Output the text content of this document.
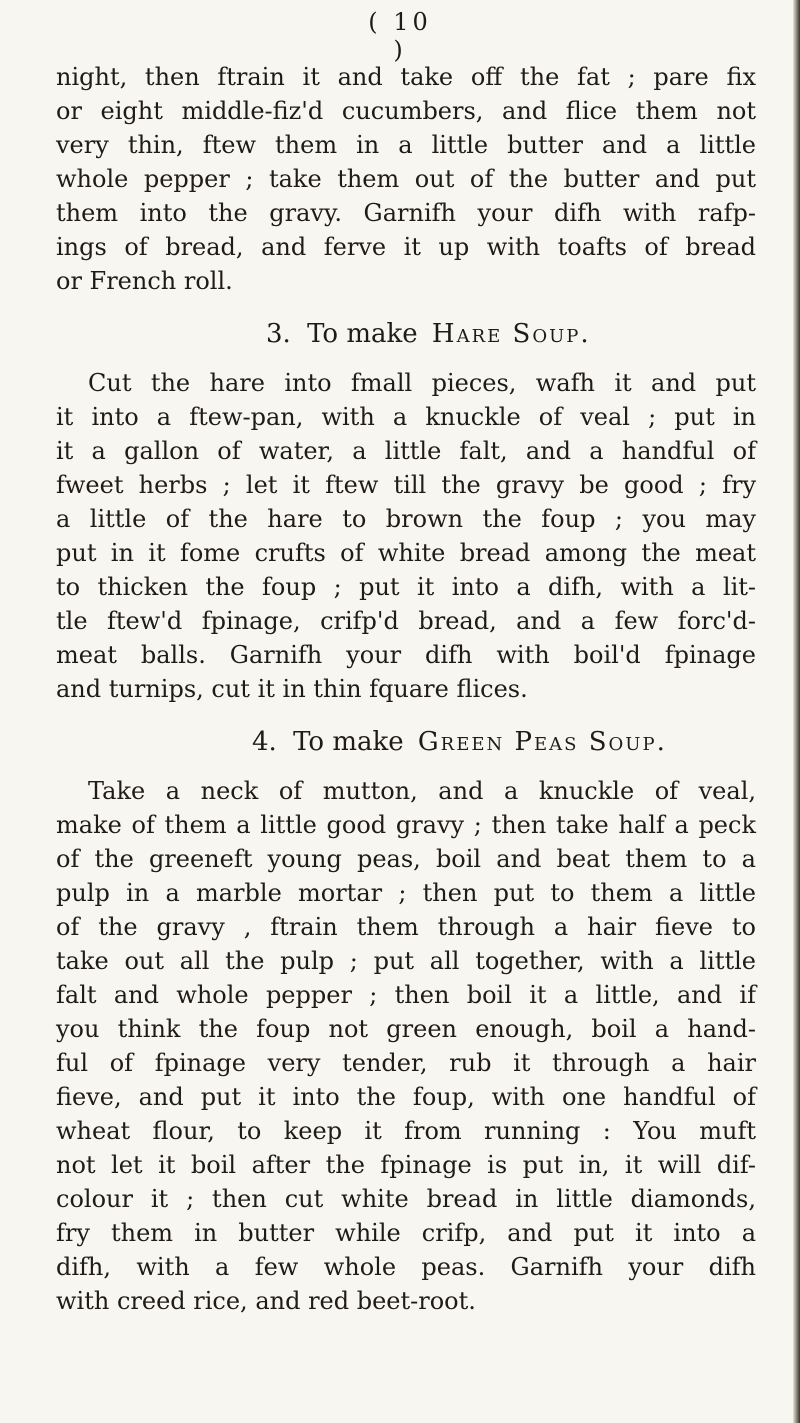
( 10 )
night, then ftrain it and take off the fat ; pare fix
or eight middle-fiz'd cucumbers, and flice them not
very thin, ftew them in a little butter and a little
whole pepper ; take them out of the butter and put
them into the gravy. Garnifh your difh with rafp-
ings of bread, and ferve it up with toafts of bread
or French roll.
3. To make Hare Soup.
Cut the hare into fmall pieces, wafh it and put
it into a ftew-pan, with a knuckle of veal ; put in
it a gallon of water, a little falt, and a handful of
fweet herbs ; let it ftew till the gravy be good ; fry
a little of the hare to brown the foup ; you may
put in it fome crufts of white bread among the meat
to thicken the foup ; put it into a difh, with a lit-
tle ftew'd fpinage, crifp'd bread, and a few forc'd-
meat balls. Garnifh your difh with boil'd fpinage
and turnips, cut it in thin fquare flices.
4. To make Green Peas Soup.
Take a neck of mutton, and a knuckle of veal,
make of them a little good gravy ; then take half a peck
of the greeneft young peas, boil and beat them to a
pulp in a marble mortar ; then put to them a little
of the gravy , ftrain them through a hair fieve to
take out all the pulp ; put all together, with a little
falt and whole pepper ; then boil it a little, and if
you think the foup not green enough, boil a hand-
ful of fpinage very tender, rub it through a hair
fieve, and put it into the foup, with one handful of
wheat flour, to keep it from running : You muft
not let it boil after the fpinage is put in, it will dif-
colour it ; then cut white bread in little diamonds,
fry them in butter while crifp, and put it into a
difh, with a few whole peas. Garnifh your difh
with creed rice, and red beet-root.
